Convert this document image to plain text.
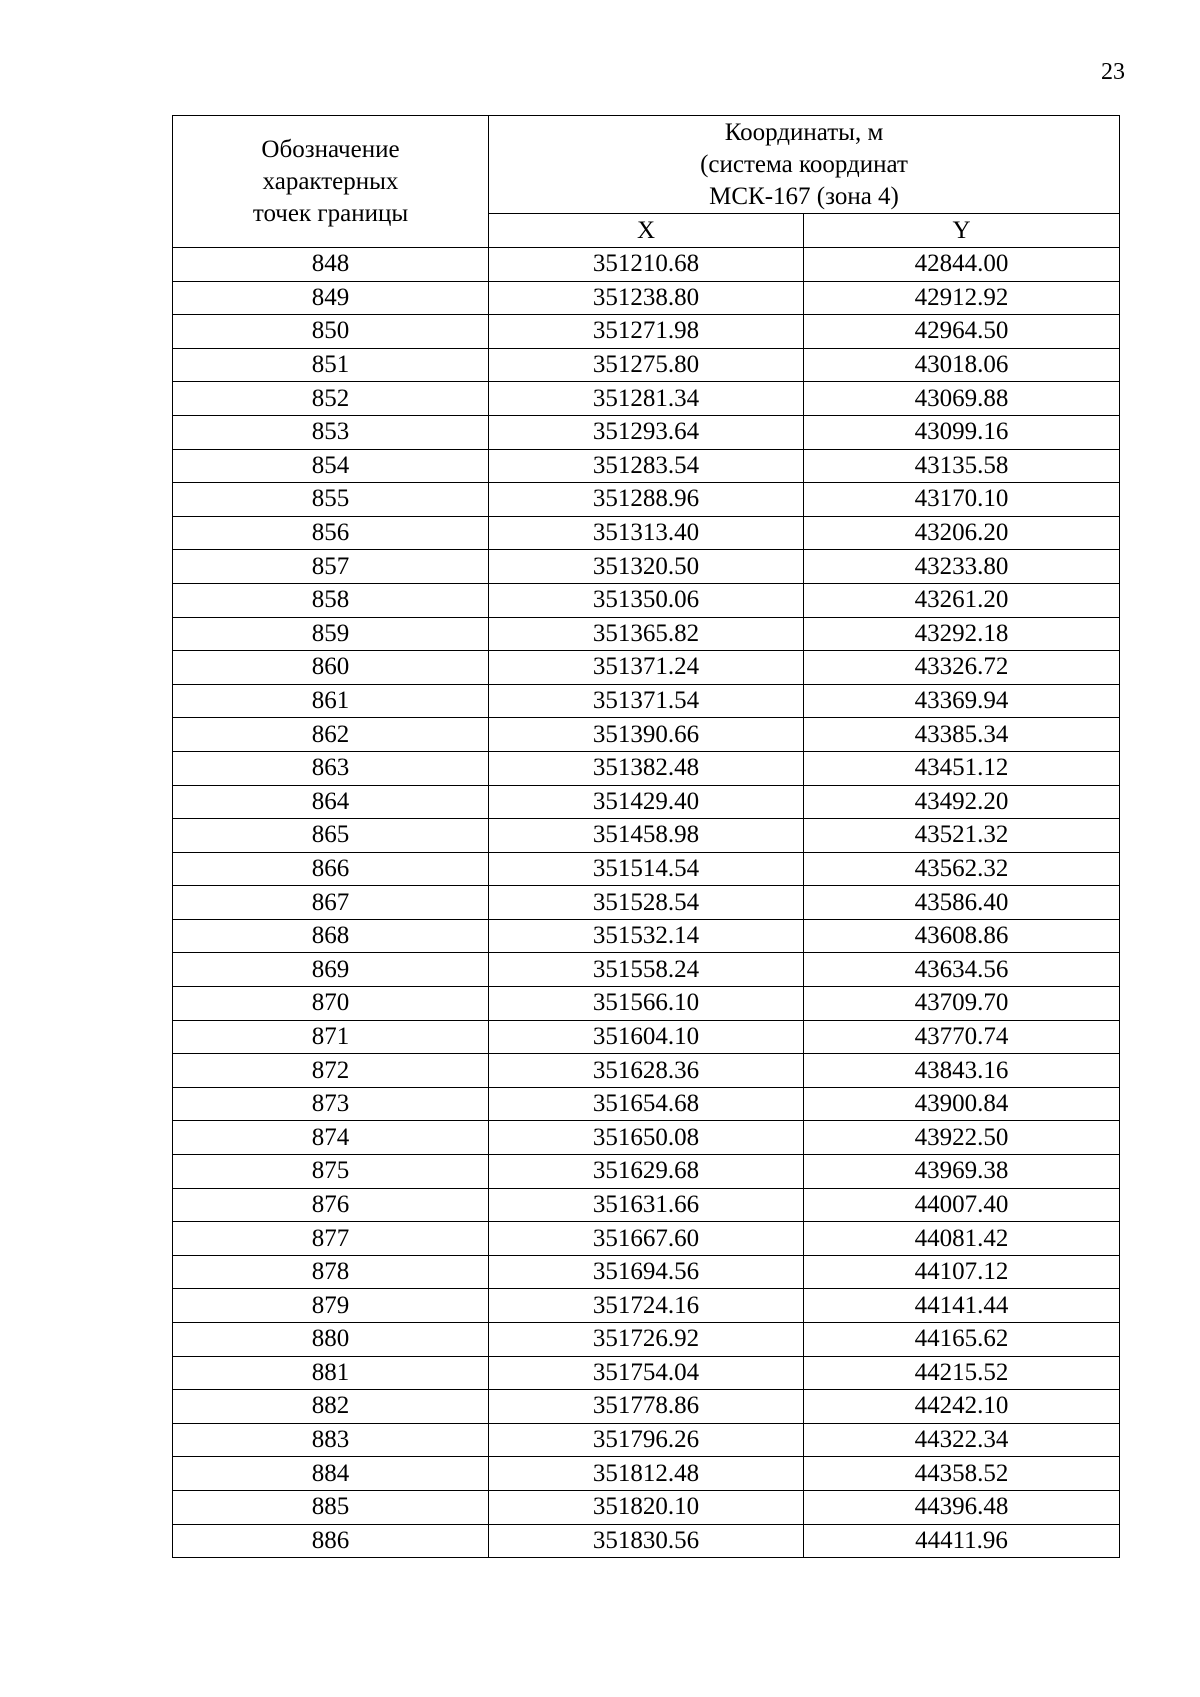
23
Обозначение
характерных
точек границы	Координаты, м
(система координат
МСК-167 (зона 4)	

	X	Y
848	351210.68	42844.00
849	351238.80	42912.92
850	351271.98	42964.50
851	351275.80	43018.06
852	351281.34	43069.88
853	351293.64	43099.16
854	351283.54	43135.58
855	351288.96	43170.10
856	351313.40	43206.20
857	351320.50	43233.80
858	351350.06	43261.20
859	351365.82	43292.18
860	351371.24	43326.72
861	351371.54	43369.94
862	351390.66	43385.34
863	351382.48	43451.12
864	351429.40	43492.20
865	351458.98	43521.32
866	351514.54	43562.32
867	351528.54	43586.40
868	351532.14	43608.86
869	351558.24	43634.56
870	351566.10	43709.70
871	351604.10	43770.74
872	351628.36	43843.16
873	351654.68	43900.84
874	351650.08	43922.50
875	351629.68	43969.38
876	351631.66	44007.40
877	351667.60	44081.42
878	351694.56	44107.12
879	351724.16	44141.44
880	351726.92	44165.62
881	351754.04	44215.52
882	351778.86	44242.10
883	351796.26	44322.34
884	351812.48	44358.52
885	351820.10	44396.48
886	351830.56	44411.96
